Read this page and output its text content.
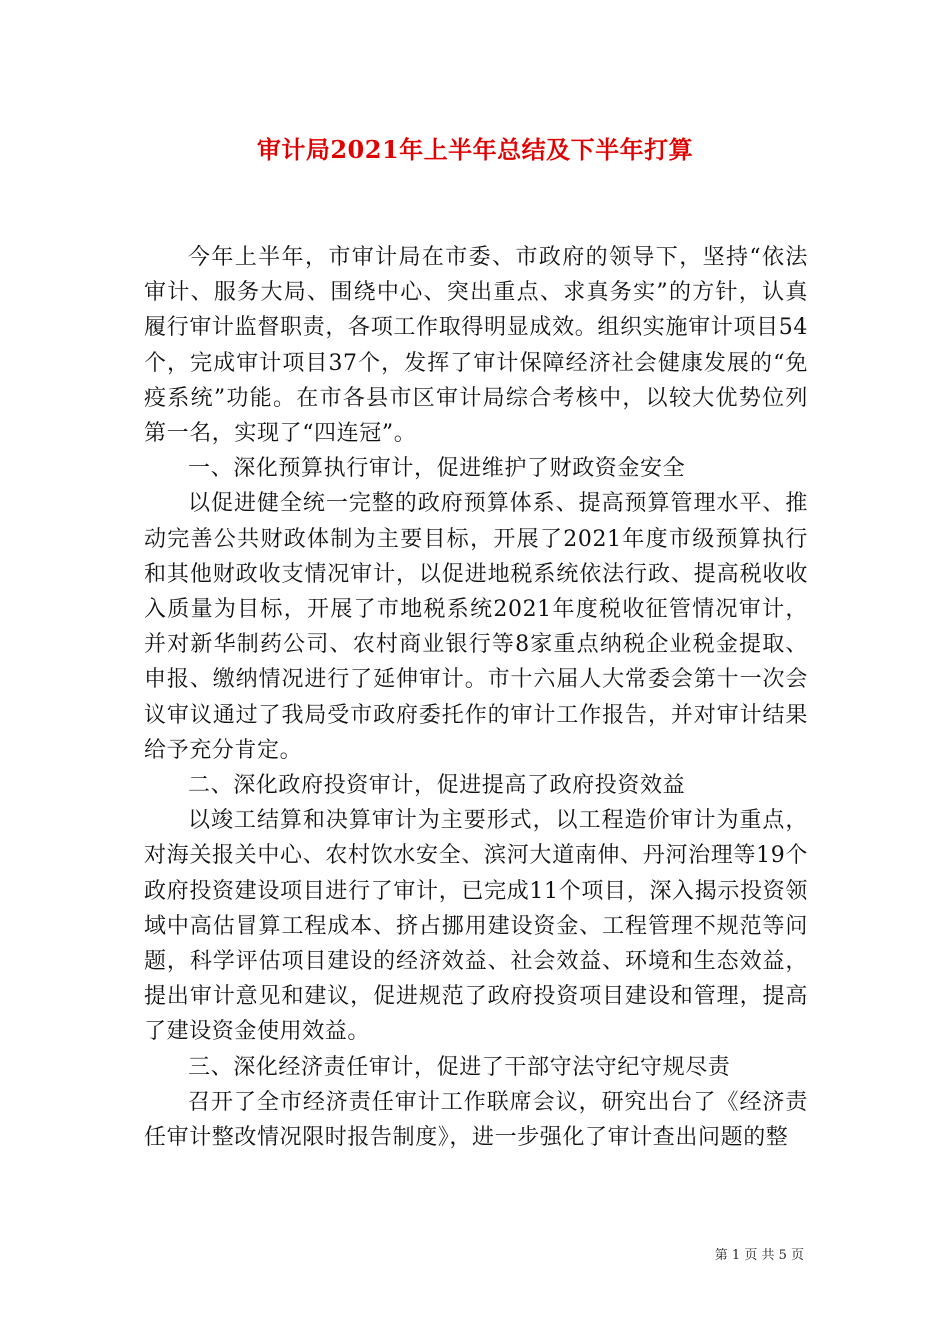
审计局2021年上半年总结及下半年打算

今年上半年，市审计局在市委、市政府的领导下，坚持“依法审计、服务大局、围绕中心、突出重点、求真务实”的方针，认真履行审计监督职责，各项工作取得明显成效。组织实施审计项目54个，完成审计项目37个，发挥了审计保障经济社会健康发展的“免疫系统”功能。在市各县市区审计局综合考核中，以较大优势位列第一名，实现了“四连冠”。

一、深化预算执行审计，促进维护了财政资金安全

以促进健全统一完整的政府预算体系、提高预算管理水平、推动完善公共财政体制为主要目标，开展了2021年度市级预算执行和其他财政收支情况审计，以促进地税系统依法行政、提高税收收入质量为目标，开展了市地税系统2021年度税收征管情况审计，并对新华制药公司、农村商业银行等8家重点纳税企业税金提取、申报、缴纳情况进行了延伸审计。市十六届人大常委会第十一次会议审议通过了我局受市政府委托作的审计工作报告，并对审计结果给予充分肯定。

二、深化政府投资审计，促进提高了政府投资效益

以竣工结算和决算审计为主要形式，以工程造价审计为重点，对海关报关中心、农村饮水安全、滨河大道南伸、丹河治理等19个政府投资建设项目进行了审计，已完成11个项目，深入揭示投资领域中高估冒算工程成本、挤占挪用建设资金、工程管理不规范等问题，科学评估项目建设的经济效益、社会效益、环境和生态效益，提出审计意见和建议，促进规范了政府投资项目建设和管理，提高了建设资金使用效益。

三、深化经济责任审计，促进了干部守法守纪守规尽责

召开了全市经济责任审计工作联席会议，研究出台了《经济责任审计整改情况限时报告制度》，进一步强化了审计查出问题的整

第 1 页 共 5 页
